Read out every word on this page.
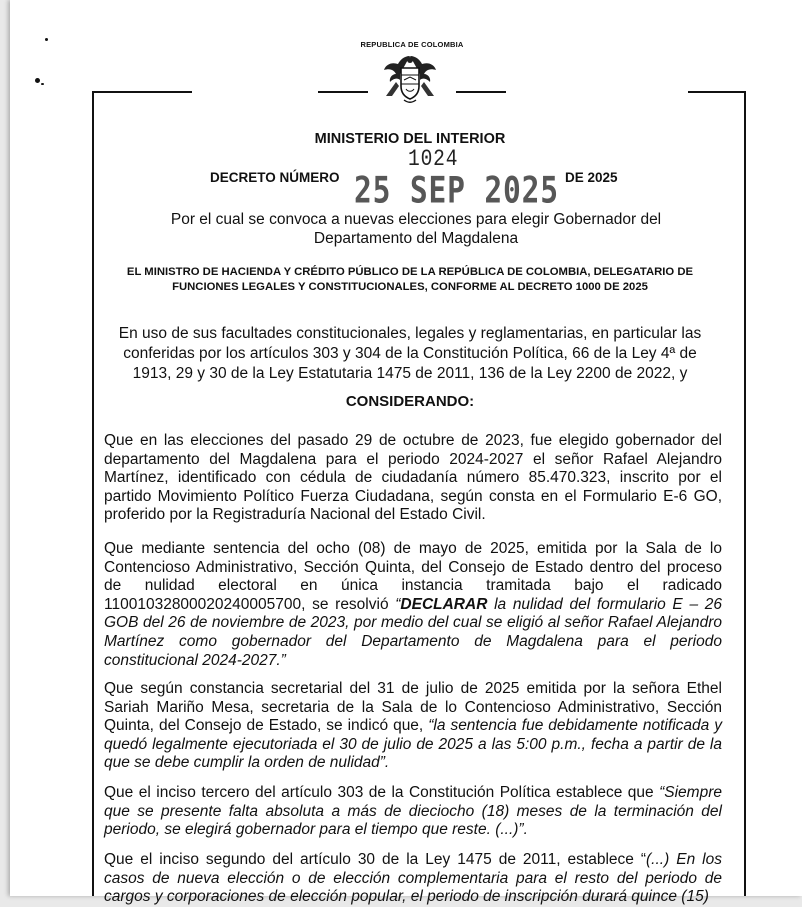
REPUBLICA DE COLOMBIA
MINISTERIO DEL INTERIOR
1024
DECRETO NÚMERO	DE 2025
25 SEP 2025
Por el cual se convoca a nuevas elecciones para elegir Gobernador del Departamento del Magdalena
EL MINISTRO DE HACIENDA Y CRÉDITO PÚBLICO DE LA REPÚBLICA DE COLOMBIA, DELEGATARIO DE FUNCIONES LEGALES Y CONSTITUCIONALES, CONFORME AL DECRETO 1000 DE 2025
En uso de sus facultades constitucionales, legales y reglamentarias, en particular las conferidas por los artículos 303 y 304 de la Constitución Política, 66 de la Ley 4ª de 1913, 29 y 30 de la Ley Estatutaria 1475 de 2011, 136 de la Ley 2200 de 2022, y
CONSIDERANDO:
Que en las elecciones del pasado 29 de octubre de 2023, fue elegido gobernador del departamento del Magdalena para el periodo 2024-2027 el señor Rafael Alejandro Martínez, identificado con cédula de ciudadanía número 85.470.323, inscrito por el partido Movimiento Político Fuerza Ciudadana, según consta en el Formulario E-6 GO, proferido por la Registraduría Nacional del Estado Civil.
Que mediante sentencia del ocho (08) de mayo de 2025, emitida por la Sala de lo Contencioso Administrativo, Sección Quinta, del Consejo de Estado dentro del proceso de nulidad electoral en única instancia tramitada bajo el radicado 11001032800020240005700, se resolvió “DECLARAR la nulidad del formulario E – 26 GOB del 26 de noviembre de 2023, por medio del cual se eligió al señor Rafael Alejandro Martínez como gobernador del Departamento de Magdalena para el periodo constitucional 2024-2027.”
Que según constancia secretarial del 31 de julio de 2025 emitida por la señora Ethel Sariah Mariño Mesa, secretaria de la Sala de lo Contencioso Administrativo, Sección Quinta, del Consejo de Estado, se indicó que, “la sentencia fue debidamente notificada y quedó legalmente ejecutoriada el 30 de julio de 2025 a las 5:00 p.m., fecha a partir de la que se debe cumplir la orden de nulidad”.
Que el inciso tercero del artículo 303 de la Constitución Política establece que “Siempre que se presente falta absoluta a más de dieciocho (18) meses de la terminación del periodo, se elegirá gobernador para el tiempo que reste. (...)”.
Que el inciso segundo del artículo 30 de la Ley 1475 de 2011, establece “(...) En los casos de nueva elección o de elección complementaria para el resto del periodo de cargos y corporaciones de elección popular, el periodo de inscripción durará quince (15)
